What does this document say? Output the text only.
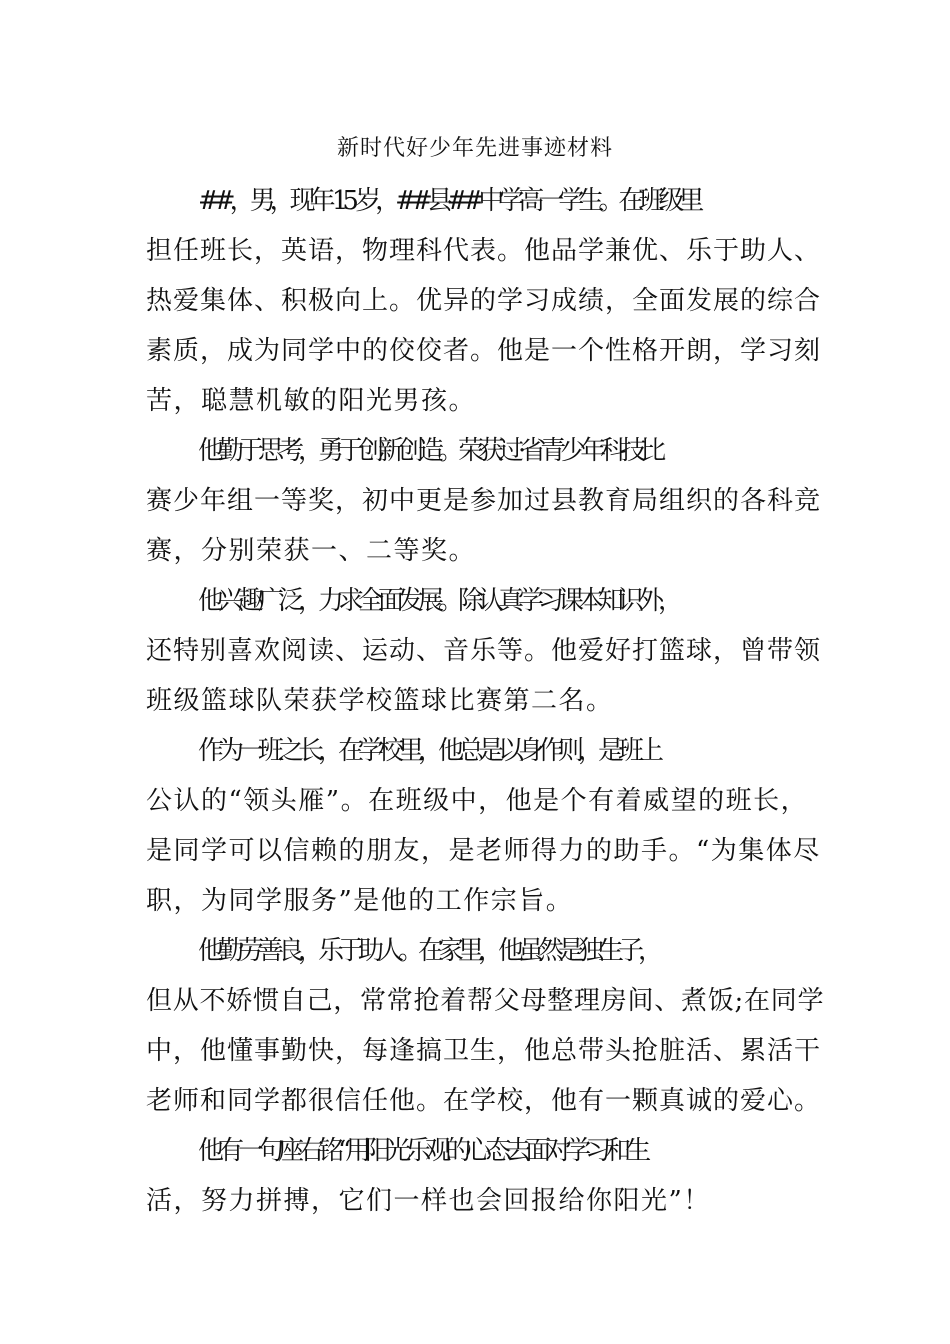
新时代好少年先进事迹材料
##，男，现年 15 岁，##县##中学高一学生。在班级里
担任班长，英语，物理科代表。他品学兼优、乐于助人、
热爱集体、积极向上。优异的学习成绩，全面发展的综合
素质，成为同学中的佼佼者。他是一个性格开朗，学习刻
苦，聪慧机敏的阳光男孩。
他勤于思考，勇于创新创造。荣获过·省青少年科技比
赛少年组一等奖，初中更是参加过县教育局组织的各科竞
赛，分别荣获一、二等奖。
他兴趣广泛，力求全面发展。除认真学习课本知识外，
还特别喜欢阅读、运动、音乐等。他爱好打篮球，曾带领
班级篮球队荣获学校篮球比赛第二名。
作为一班之长，在学校里，他总是以身作则，是班上
公认的“领头雁”。在班级中，他是个有着威望的班长，
是同学可以信赖的朋友，是老师得力的助手。“为集体尽
职，为同学服务”是他的工作宗旨。
他勤劳善良，乐于助人。在家里，他虽然是独生子，
但从不娇惯自己，常常抢着帮父母整理房间、煮饭;在同学
中，他懂事勤快，每逢搞卫生，他总带头抢脏活、累活干
老师和同学都很信任他。在学校，他有一颗真诚的爱心。
他有一句座右铭“用阳光乐观的心态去面对学习和生
活，努力拼搏，它们一样也会回报给你阳光”！
